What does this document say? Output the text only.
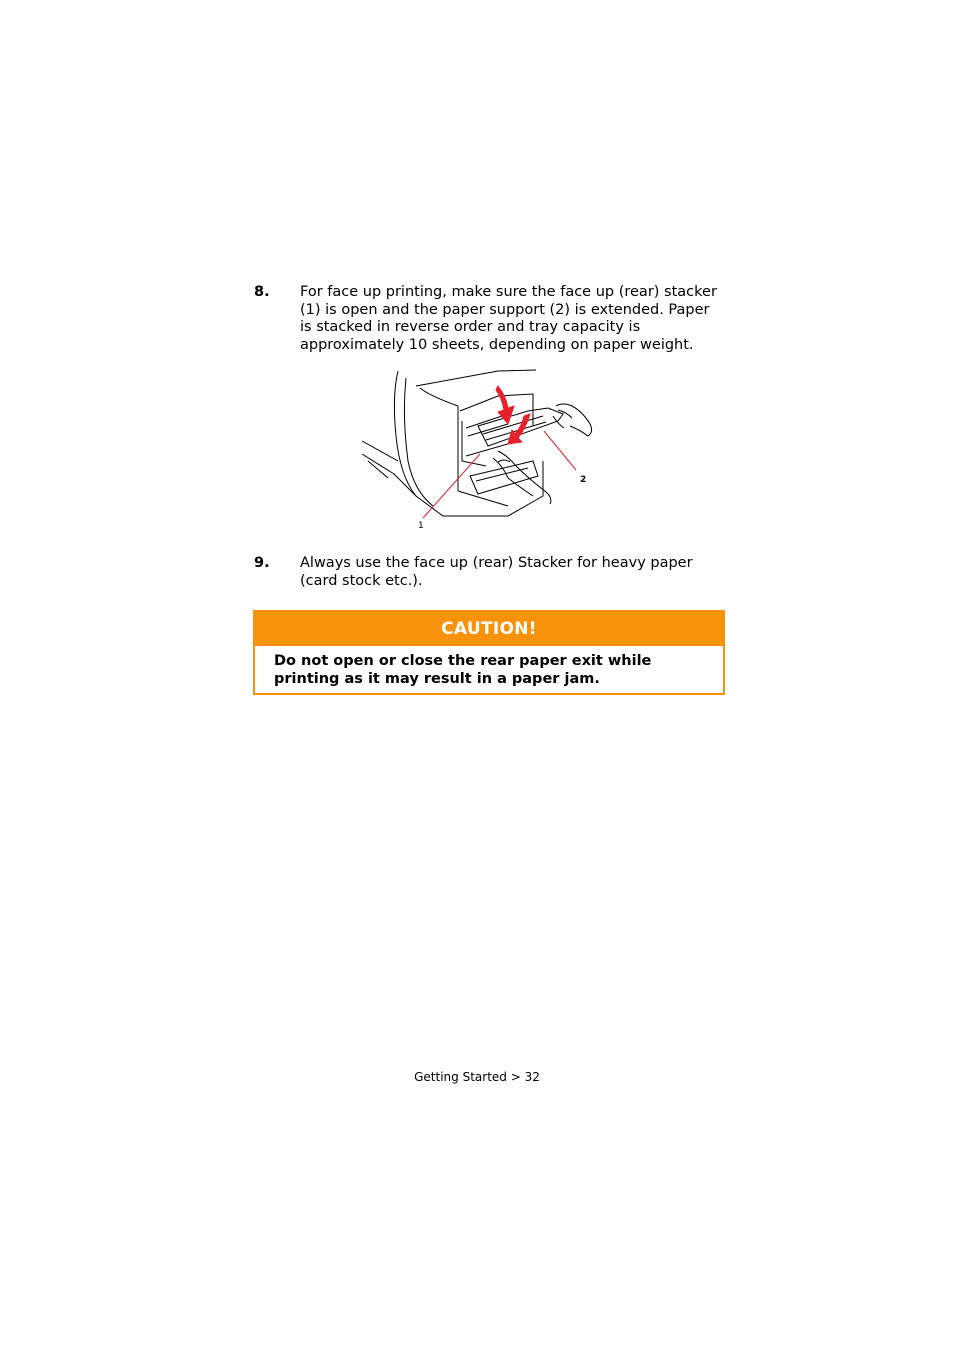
8. For face up printing, make sure the face up (rear) stacker (1) is open and the paper support (2) is extended. Paper is stacked in reverse order and tray capacity is approximately 10 sheets, depending on paper weight.
1
2
9. Always use the face up (rear) Stacker for heavy paper (card stock etc.).
CAUTION!
Do not open or close the rear paper exit while printing as it may result in a paper jam.
Getting Started > 32
